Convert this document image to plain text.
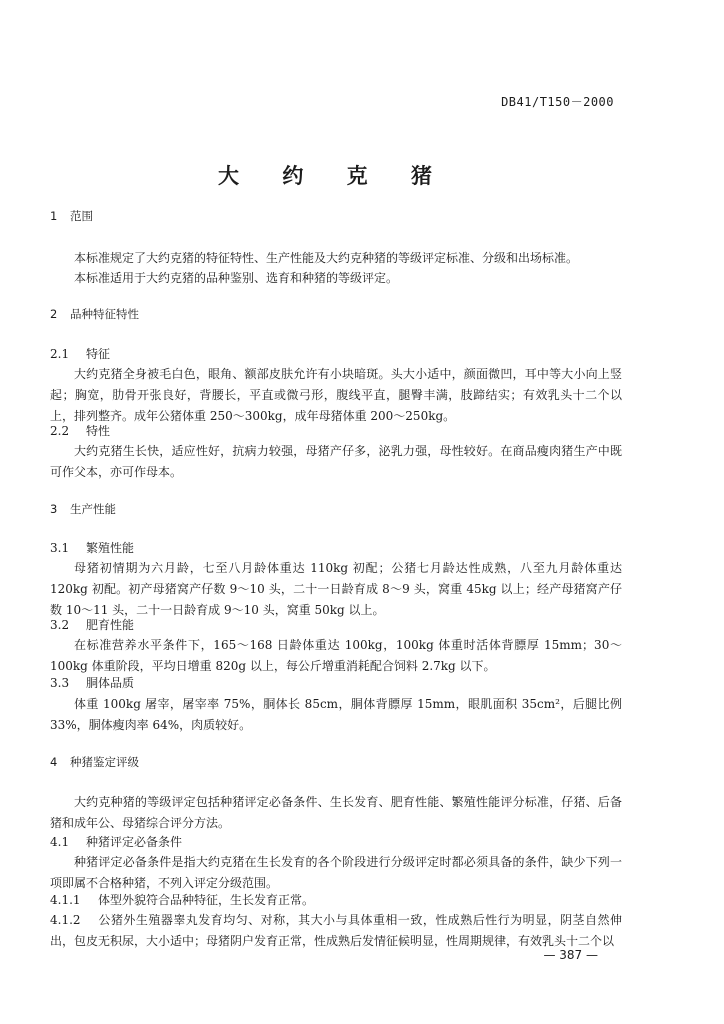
DB41/T150－2000
大 约 克 猪
1 范围
本标准规定了大约克猪的特征特性、生产性能及大约克种猪的等级评定标准、分级和出场标准。
本标准适用于大约克猪的品种鉴别、选育和种猪的等级评定。
2 品种特征特性
2.1 特征
大约克猪全身被毛白色，眼角、额部皮肤允许有小块暗斑。头大小适中，颜面微凹，耳中等大小向上竖起；胸宽，肋骨开张良好，背腰长，平直或微弓形，腹线平直，腿臀丰满，肢蹄结实；有效乳头十二个以上，排列整齐。成年公猪体重 250～300kg，成年母猪体重 200～250kg。
2.2 特性
大约克猪生长快，适应性好，抗病力较强，母猪产仔多，泌乳力强，母性较好。在商品瘦肉猪生产中既可作父本，亦可作母本。
3 生产性能
3.1 繁殖性能
母猪初情期为六月龄，七至八月龄体重达 110kg 初配；公猪七月龄达性成熟，八至九月龄体重达 120kg 初配。初产母猪窝产仔数 9～10 头，二十一日龄育成 8～9 头，窝重 45kg 以上；经产母猪窝产仔数 10～11 头，二十一日龄育成 9～10 头，窝重 50kg 以上。
3.2 肥育性能
在标准营养水平条件下，165～168 日龄体重达 100kg，100kg 体重时活体背膘厚 15mm；30～100kg 体重阶段，平均日增重 820g 以上，每公斤增重消耗配合饲料 2.7kg 以下。
3.3 胴体品质
体重 100kg 屠宰，屠宰率 75%，胴体长 85cm，胴体背膘厚 15mm，眼肌面积 35cm²，后腿比例 33%，胴体瘦肉率 64%，肉质较好。
4 种猪鉴定评级
大约克种猪的等级评定包括种猪评定必备条件、生长发育、肥育性能、繁殖性能评分标准，仔猪、后备猪和成年公、母猪综合评分方法。
4.1 种猪评定必备条件
种猪评定必备条件是指大约克猪在生长发育的各个阶段进行分级评定时都必须具备的条件，缺少下列一项即属不合格种猪，不列入评定分级范围。
4.1.1 体型外貌符合品种特征，生长发育正常。
4.1.2 公猪外生殖器睾丸发育均匀、对称，其大小与具体重相一致，性成熟后性行为明显，阴茎自然伸出，包皮无积尿，大小适中；母猪阴户发育正常，性成熟后发情征候明显，性周期规律，有效乳头十二个以
— 387 —
